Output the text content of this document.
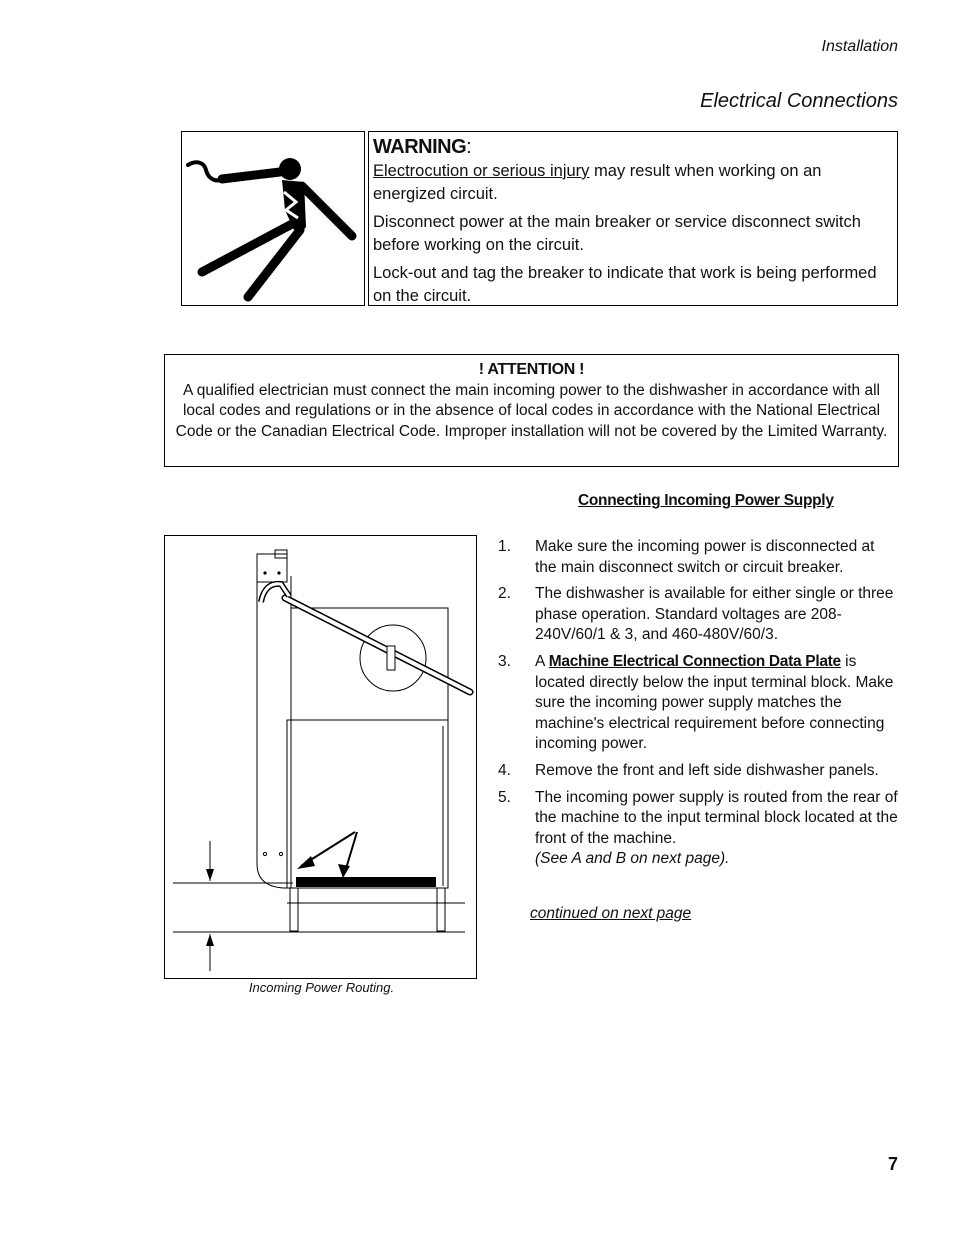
Installation
Electrical Connections
WARNING:

Electrocution or serious injury may result when working on an energized circuit.

Disconnect power at the main breaker or service disconnect switch before working on the circuit.

Lock-out and tag the breaker to indicate that work is being performed on the circuit.

! ATTENTION !
A qualified electrician must connect the main incoming power to the dishwasher in accordance with all local codes and regulations or in the absence of local codes in accordance with the National Electrical Code or the Canadian Electrical Code. Improper installation will not be covered by the Limited Warranty.
Connecting Incoming Power Supply
Incoming Power Routing.
1. Make sure the incoming power is disconnected at the main disconnect switch or circuit breaker.
2. The dishwasher is available for either single or three phase operation. Standard voltages are 208-240V/60/1 & 3, and 460-480V/60/3.
3. A Machine Electrical Connection Data Plate is located directly below the input terminal block. Make sure the incoming power supply matches the machine's electrical requirement before connecting incoming power.
4. Remove the front and left side dishwasher panels.
5. The incoming power supply is routed from the rear of the machine to the input terminal block located at the front of the machine.
(See A and B on next page).
continued on next page
7
